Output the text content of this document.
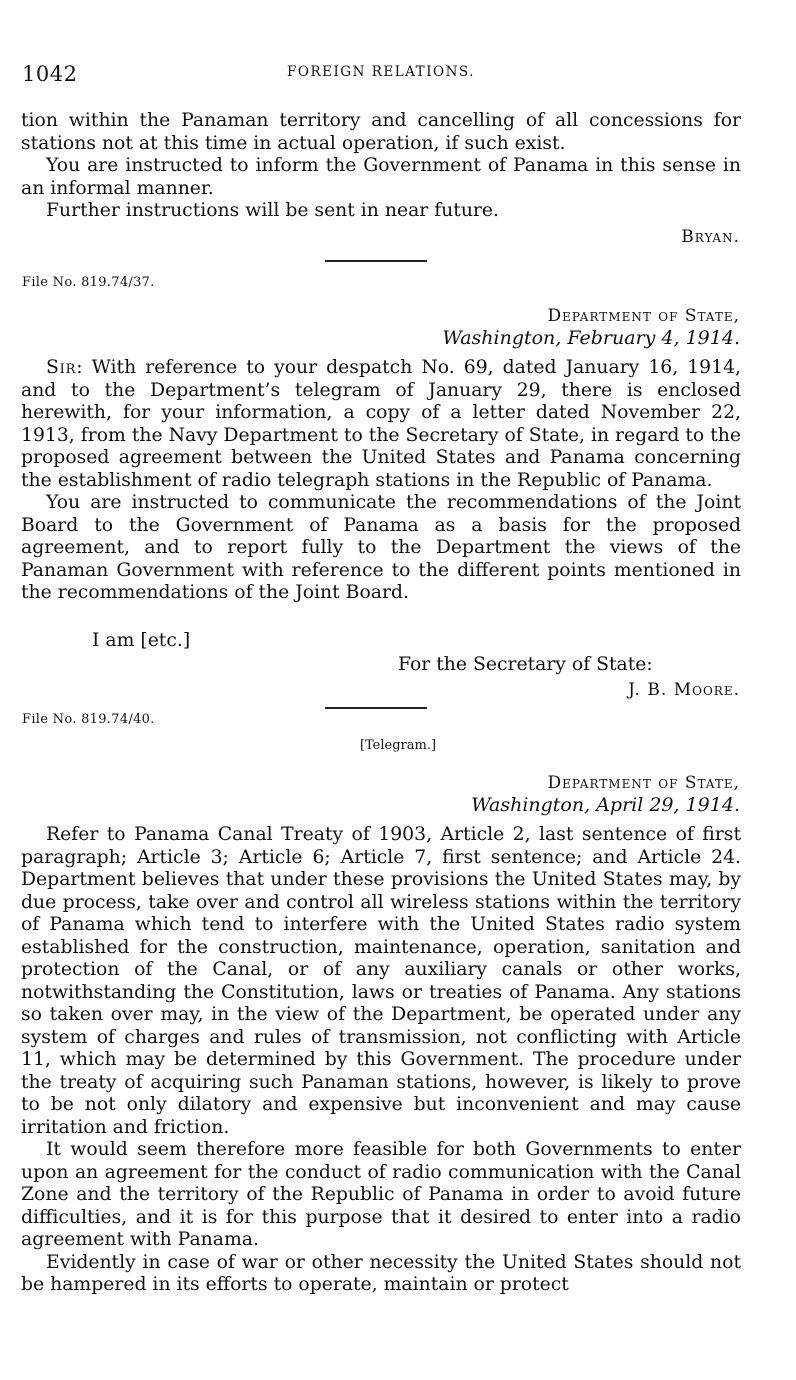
1042	FOREIGN RELATIONS.

tion within the Panaman territory and cancelling of all concessions for stations not at this time in actual operation, if such exist.

You are instructed to inform the Government of Panama in this sense in an informal manner.

Further instructions will be sent in near future.

Bryan.
File No. 819.74/37.
Department of State,
Washington, February 4, 1914.

Sir: With reference to your despatch No. 69, dated January 16, 1914, and to the Department’s telegram of January 29, there is enclosed herewith, for your information, a copy of a letter dated November 22, 1913, from the Navy Department to the Secretary of State, in regard to the proposed agreement between the United States and Panama concerning the establishment of radio telegraph stations in the Republic of Panama.

You are instructed to communicate the recommendations of the Joint Board to the Government of Panama as a basis for the proposed agreement, and to report fully to the Department the views of the Panaman Government with reference to the different points mentioned in the recommendations of the Joint Board.

I am [etc.]
For the Secretary of State:
J. B. Moore.
File No. 819.74/40.
[Telegram.]
Department of State,
Washington, April 29, 1914.

Refer to Panama Canal Treaty of 1903, Article 2, last sentence of first paragraph; Article 3; Article 6; Article 7, first sentence; and Article 24. Department believes that under these provisions the United States may, by due process, take over and control all wireless stations within the territory of Panama which tend to interfere with the United States radio system established for the construction, maintenance, operation, sanitation and protection of the Canal, or of any auxiliary canals or other works, notwithstanding the Constitution, laws or treaties of Panama. Any stations so taken over may, in the view of the Department, be operated under any system of charges and rules of transmission, not conflicting with Article 11, which may be determined by this Government. The procedure under the treaty of acquiring such Panaman stations, however, is likely to prove to be not only dilatory and expensive but inconvenient and may cause irritation and friction.

It would seem therefore more feasible for both Governments to enter upon an agreement for the conduct of radio communication with the Canal Zone and the territory of the Republic of Panama in order to avoid future difficulties, and it is for this purpose that it desired to enter into a radio agreement with Panama.

Evidently in case of war or other necessity the United States should not be hampered in its efforts to operate, maintain or protect
